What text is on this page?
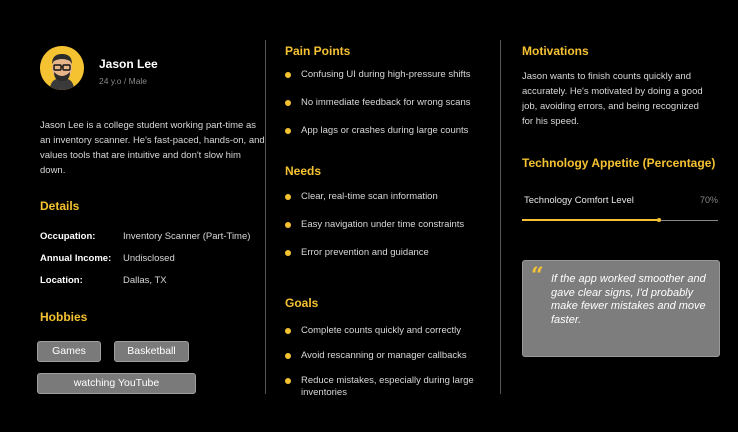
Jason Lee
24 y.o / Male
Jason Lee is a college student working part-time as an inventory scanner. He's fast-paced, hands-on, and values tools that are intuitive and don't slow him down.
Details
Occupation:	Inventory Scanner (Part-Time)
Annual Income: Undisclosed
Location:	Dallas, TX
Hobbies
Games	Basketball
watching YouTube
Pain Points
Confusing UI during high-pressure shifts
No immediate feedback for wrong scans
App lags or crashes during large counts
Needs
Clear, real-time scan information
Easy navigation under time constraints
Error prevention and guidance
Goals
Complete counts quickly and correctly
Avoid rescanning or manager callbacks
Reduce mistakes, especially during large inventories
Motivations
Jason wants to finish counts quickly and accurately. He's motivated by doing a good job, avoiding errors, and being recognized for his speed.
Technology Appetite (Percentage)
Technology Comfort Level	70%
“ If the app worked smoother and gave clear signs, I'd probably make fewer mistakes and move faster.
